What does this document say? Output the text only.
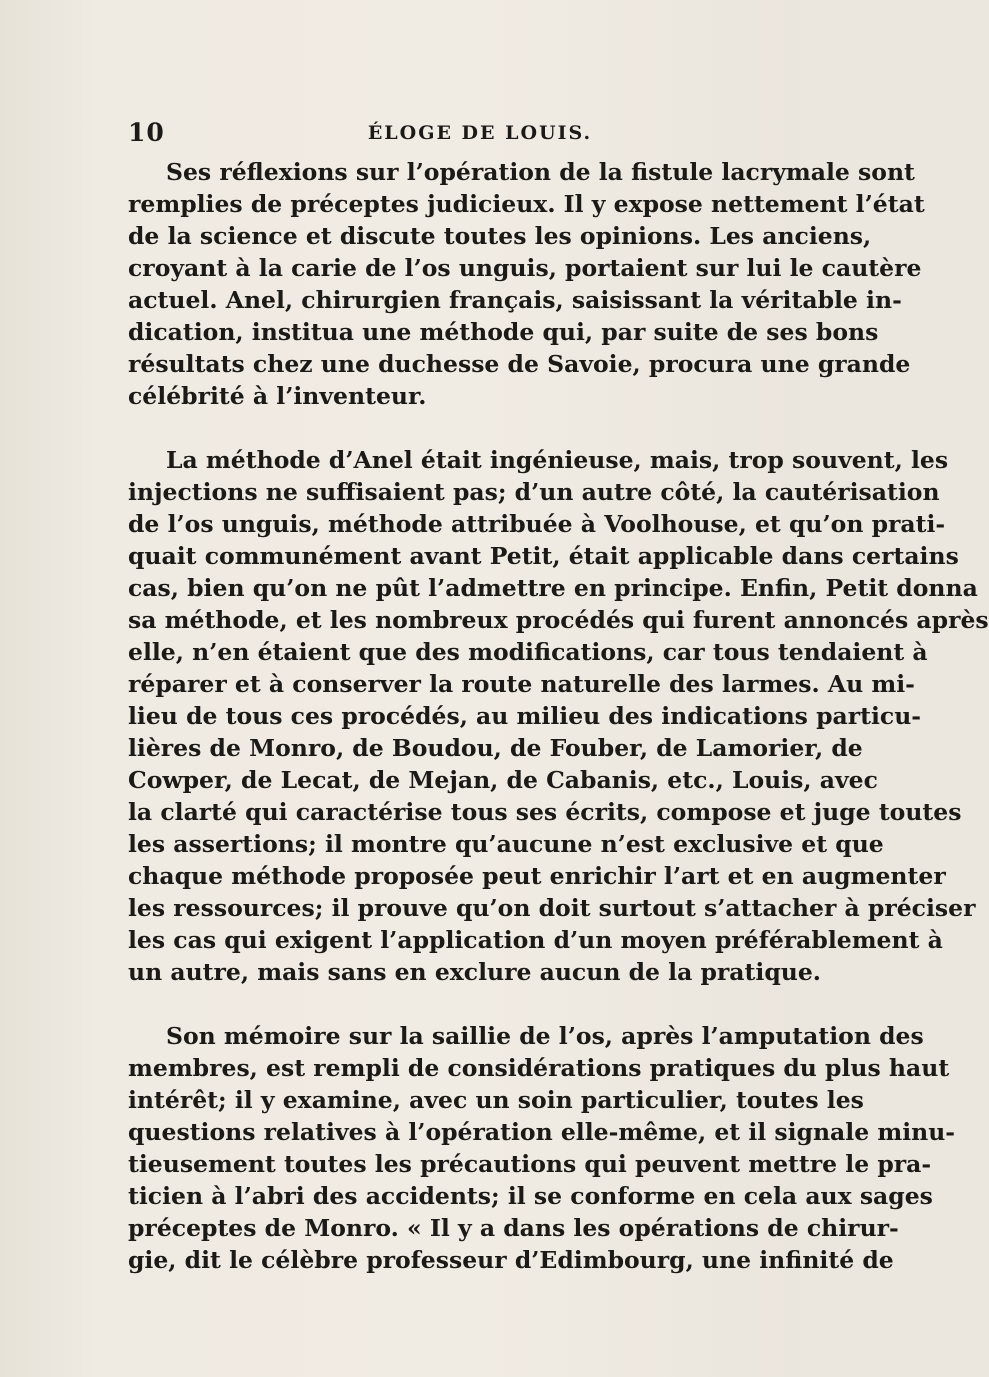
10	ÉLOGE DE LOUIS.

Ses réflexions sur l’opération de la fistule lacrymale sont
remplies de préceptes judicieux. Il y expose nettement l’état
de la science et discute toutes les opinions. Les anciens,
croyant à la carie de l’os unguis, portaient sur lui le cautère
actuel. Anel, chirurgien français, saisissant la véritable in-
dication, institua une méthode qui, par suite de ses bons
résultats chez une duchesse de Savoie, procura une grande
célébrité à l’inventeur.

La méthode d’Anel était ingénieuse, mais, trop souvent, les
injections ne suffisaient pas; d’un autre côté, la cautérisation
de l’os unguis, méthode attribuée à Voolhouse, et qu’on prati-
quait communément avant Petit, était applicable dans certains
cas, bien qu’on ne pût l’admettre en principe. Enfin, Petit donna
sa méthode, et les nombreux procédés qui furent annoncés après
elle, n’en étaient que des modifications, car tous tendaient à
réparer et à conserver la route naturelle des larmes. Au mi-
lieu de tous ces procédés, au milieu des indications particu-
lières de Monro, de Boudou, de Fouber, de Lamorier, de
Cowper, de Lecat, de Mejan, de Cabanis, etc., Louis, avec
la clarté qui caractérise tous ses écrits, compose et juge toutes
les assertions; il montre qu’aucune n’est exclusive et que
chaque méthode proposée peut enrichir l’art et en augmenter
les ressources; il prouve qu’on doit surtout s’attacher à préciser
les cas qui exigent l’application d’un moyen préférablement à
un autre, mais sans en exclure aucun de la pratique.

Son mémoire sur la saillie de l’os, après l’amputation des
membres, est rempli de considérations pratiques du plus haut
intérêt; il y examine, avec un soin particulier, toutes les
questions relatives à l’opération elle-même, et il signale minu-
tieusement toutes les précautions qui peuvent mettre le pra-
ticien à l’abri des accidents; il se conforme en cela aux sages
préceptes de Monro. « Il y a dans les opérations de chirur-
gie, dit le célèbre professeur d’Edimbourg, une infinité de
